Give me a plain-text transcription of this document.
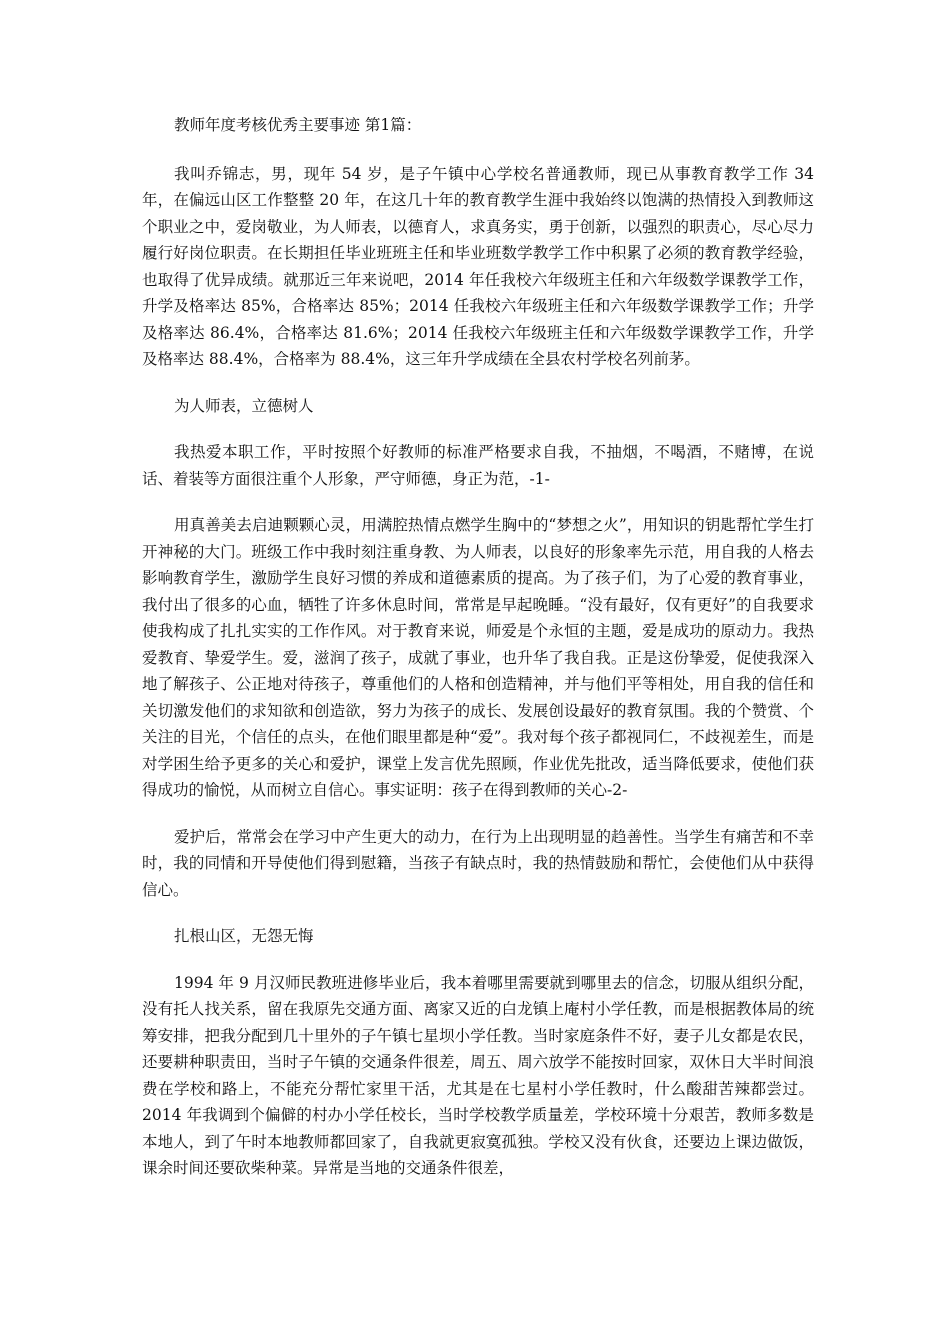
教师年度考核优秀主要事迹 第1篇：

我叫乔锦志，男，现年 54 岁，是子午镇中心学校名普通教师，现已从事教育教学工作 34 年，在偏远山区工作整整 20 年，在这几十年的教育教学生涯中我始终以饱满的热情投入到教师这个职业之中，爱岗敬业，为人师表，以德育人，求真务实，勇于创新，以强烈的职责心，尽心尽力履行好岗位职责。在长期担任毕业班班主任和毕业班数学教学工作中积累了必须的教育教学经验，也取得了优异成绩。就那近三年来说吧，2014 年任我校六年级班主任和六年级数学课教学工作，升学及格率达 85%，合格率达 85%；2014 任我校六年级班主任和六年级数学课教学工作；升学及格率达 86.4%，合格率达 81.6%；2014 任我校六年级班主任和六年级数学课教学工作，升学及格率达 88.4%，合格率为 88.4%，这三年升学成绩在全县农村学校名列前茅。

为人师表，立德树人

我热爱本职工作，平时按照个好教师的标准严格要求自我，不抽烟，不喝酒，不赌博，在说话、着装等方面很注重个人形象，严守师德，身正为范，-1-

用真善美去启迪颗颗心灵，用满腔热情点燃学生胸中的“梦想之火”，用知识的钥匙帮忙学生打开神秘的大门。班级工作中我时刻注重身教、为人师表，以良好的形象率先示范，用自我的人格去影响教育学生，激励学生良好习惯的养成和道德素质的提高。为了孩子们，为了心爱的教育事业，我付出了很多的心血，牺牲了许多休息时间，常常是早起晚睡。“没有最好，仅有更好”的自我要求使我构成了扎扎实实的工作作风。对于教育来说，师爱是个永恒的主题，爱是成功的原动力。我热爱教育、挚爱学生。爱，滋润了孩子，成就了事业，也升华了我自我。正是这份挚爱，促使我深入地了解孩子、公正地对待孩子，尊重他们的人格和创造精神，并与他们平等相处，用自我的信任和关切激发他们的求知欲和创造欲，努力为孩子的成长、发展创设最好的教育氛围。我的个赞赏、个关注的目光，个信任的点头，在他们眼里都是种“爱”。我对每个孩子都视同仁，不歧视差生，而是对学困生给予更多的关心和爱护，课堂上发言优先照顾，作业优先批改，适当降低要求，使他们获得成功的愉悦，从而树立自信心。事实证明：孩子在得到教师的关心-2-

爱护后，常常会在学习中产生更大的动力，在行为上出现明显的趋善性。当学生有痛苦和不幸时，我的同情和开导使他们得到慰籍，当孩子有缺点时，我的热情鼓励和帮忙，会使他们从中获得信心。

扎根山区，无怨无悔

1994 年 9 月汉师民教班进修毕业后，我本着哪里需要就到哪里去的信念，切服从组织分配，没有托人找关系，留在我原先交通方面、离家又近的白龙镇上庵村小学任教，而是根据教体局的统筹安排，把我分配到几十里外的子午镇七星坝小学任教。当时家庭条件不好，妻子儿女都是农民，还要耕种职责田，当时子午镇的交通条件很差，周五、周六放学不能按时回家，双休日大半时间浪费在学校和路上，不能充分帮忙家里干活，尤其是在七星村小学任教时，什么酸甜苦辣都尝过。2014 年我调到个偏僻的村办小学任校长，当时学校教学质量差，学校环境十分艰苦，教师多数是本地人，到了午时本地教师都回家了，自我就更寂寞孤独。学校又没有伙食，还要边上课边做饭，课余时间还要砍柴种菜。异常是当地的交通条件很差，
